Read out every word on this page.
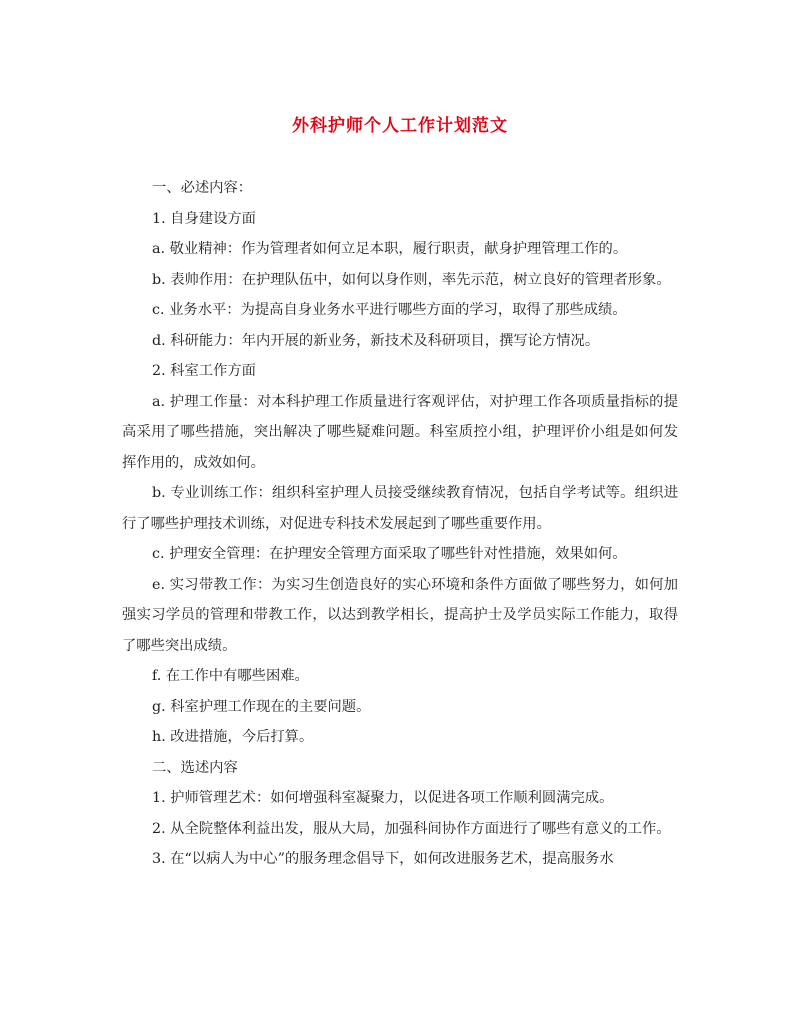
外科护师个人工作计划范文

一、必述内容：

1. 自身建设方面

a. 敬业精神：作为管理者如何立足本职，履行职责，献身护理管理工作的。

b. 表帅作用：在护理队伍中，如何以身作则，率先示范，树立良好的管理者形象。

c. 业务水平：为提高自身业务水平进行哪些方面的学习，取得了那些成绩。

d. 科研能力：年内开展的新业务，新技术及科研项目，撰写论方情况。

2. 科室工作方面

a. 护理工作量：对本科护理工作质量进行客观评估，对护理工作各项质量指标的提高采用了哪些措施，突出解决了哪些疑难问题。科室质控小组，护理评价小组是如何发挥作用的，成效如何。

b. 专业训练工作：组织科室护理人员接受继续教育情况，包括自学考试等。组织进行了哪些护理技术训练，对促进专科技术发展起到了哪些重要作用。

c. 护理安全管理：在护理安全管理方面采取了哪些针对性措施，效果如何。

e. 实习带教工作：为实习生创造良好的实心环境和条件方面做了哪些努力，如何加强实习学员的管理和带教工作，以达到教学相长，提高护士及学员实际工作能力，取得了哪些突出成绩。

f. 在工作中有哪些困难。

g. 科室护理工作现在的主要问题。

h. 改进措施，今后打算。

二、选述内容

1. 护师管理艺术：如何增强科室凝聚力，以促进各项工作顺利圆满完成。

2. 从全院整体利益出发，服从大局，加强科间协作方面进行了哪些有意义的工作。

3. 在“以病人为中心”的服务理念倡导下，如何改进服务艺术，提高服务水
